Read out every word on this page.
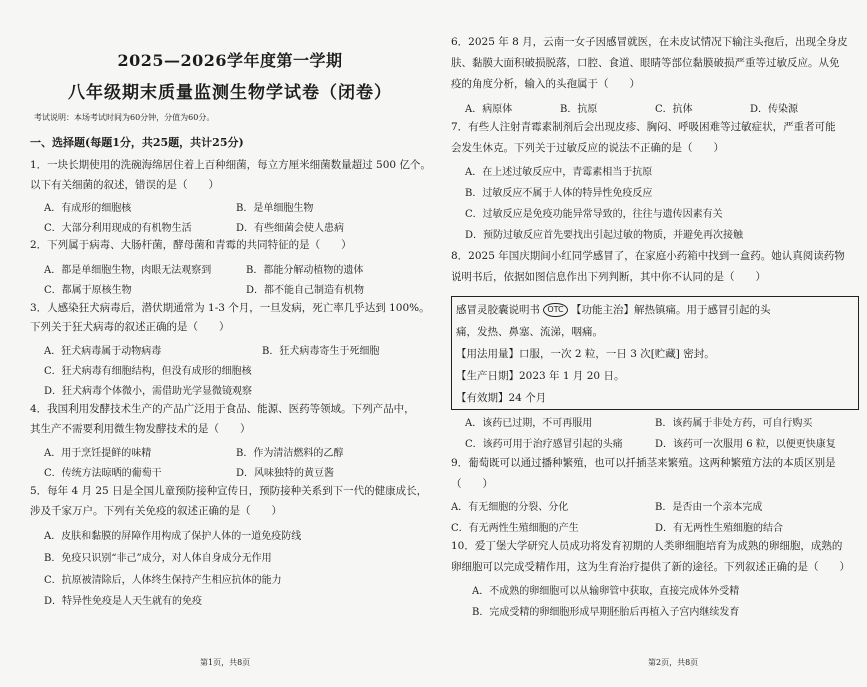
2025—2026学年度第一学期
八年级期末质量监测生物学试卷（闭卷）
考试说明：本场考试时间为60分钟，分值为60分。
一、选择题(每题1分，共25题，共计25分)
1．一块长期使用的洗碗海绵居住着上百种细菌，每立方厘米细菌数量超过 500 亿个。
以下有关细菌的叙述，错误的是（　　）
A．有成形的细胞核	B．是单细胞生物
C．大部分利用现成的有机物生活	D．有些细菌会使人患病
2．下列属于病毒、大肠杆菌，酵母菌和青霉的共同特征的是（　　）
A．都是单细胞生物，肉眼无法观察到	B．都能分解动植物的遗体
C．都属于原核生物	D．都不能自己制造有机物
3．人感染狂犬病毒后，潜伏期通常为 1-3 个月，一旦发病，死亡率几乎达到 100%。
下列关于狂犬病毒的叙述正确的是（　　）
A．狂犬病毒属于动物病毒	B．狂犬病毒寄生于死细胞
C．狂犬病毒有细胞结构，但没有成形的细胞核
D．狂犬病毒个体微小，需借助光学显微镜观察
4．我国利用发酵技术生产的产品广泛用于食品、能源、医药等领域。下列产品中，
其生产不需要利用微生物发酵技术的是（　　）
A．用于烹饪提鲜的味精	B．作为清洁燃料的乙醇
C．传统方法晾晒的葡萄干	D．风味独特的黄豆酱
5．每年 4 月 25 日是全国儿童预防接种宣传日，预防接种关系到下一代的健康成长，
涉及千家万户。下列有关免疫的叙述正确的是（　　）
A．皮肤和黏膜的屏障作用构成了保护人体的一道免疫防线
B．免疫只识别“非己”成分，对人体自身成分无作用
C．抗原被清除后，人体终生保持产生相应抗体的能力
D．特异性免疫是人天生就有的免疫
第1页，共8页
6．2025 年 8 月，云南一女子因感冒就医，在未皮试情况下输注头孢后，出现全身皮
肤、黏膜大面积破损脱落，口腔、食道、眼睛等部位黏膜破损严重等过敏反应。从免
疫的角度分析，输入的头孢属于（　　）
A．病原体	B．抗原	C．抗体	D．传染源
7．有些人注射青霉素制剂后会出现皮疹、胸闷、呼吸困难等过敏症状，严重者可能
会发生休克。下列关于过敏反应的说法不正确的是（　　）
A．在上述过敏反应中，青霉素相当于抗原
B．过敏反应不属于人体的特异性免疫反应
C．过敏反应是免疫功能异常导致的，往往与遗传因素有关
D．预防过敏反应首先要找出引起过敏的物质，并避免再次接触
8．2025 年国庆期间小红同学感冒了，在家庭小药箱中找到一盒药。她认真阅读药物
说明书后，依据如图信息作出下列判断，其中你不认同的是（　　）
感冒灵胶囊说明书 OTC 【功能主治】解热镇痛。用于感冒引起的头
痛，发热、鼻塞、流涕，咽痛。
【用法用量】口服，一次 2 粒，一日 3 次[贮藏] 密封。
【生产日期】2023 年 1 月 20 日。
【有效期】24 个月
A．该药已过期，不可再服用	B．该药属于非处方药，可自行购买
C．该药可用于治疗感冒引起的头痛	D．该药可一次服用 6 粒，以便更快康复
9．葡萄既可以通过播种繁殖，也可以扦插茎来繁殖。这两种繁殖方法的本质区别是
（　　）
A．有无细胞的分裂、分化	B．是否由一个亲本完成
C．有无两性生殖细胞的产生	D．有无两性生殖细胞的结合
10．爱丁堡大学研究人员成功将发育初期的人类卵细胞培育为成熟的卵细胞，成熟的
卵细胞可以完成受精作用，这为生育治疗提供了新的途径。下列叙述正确的是（　　）
A．不成熟的卵细胞可以从输卵管中获取，直接完成体外受精
B．完成受精的卵细胞形成早期胚胎后再植入子宫内继续发育
第2页，共8页
